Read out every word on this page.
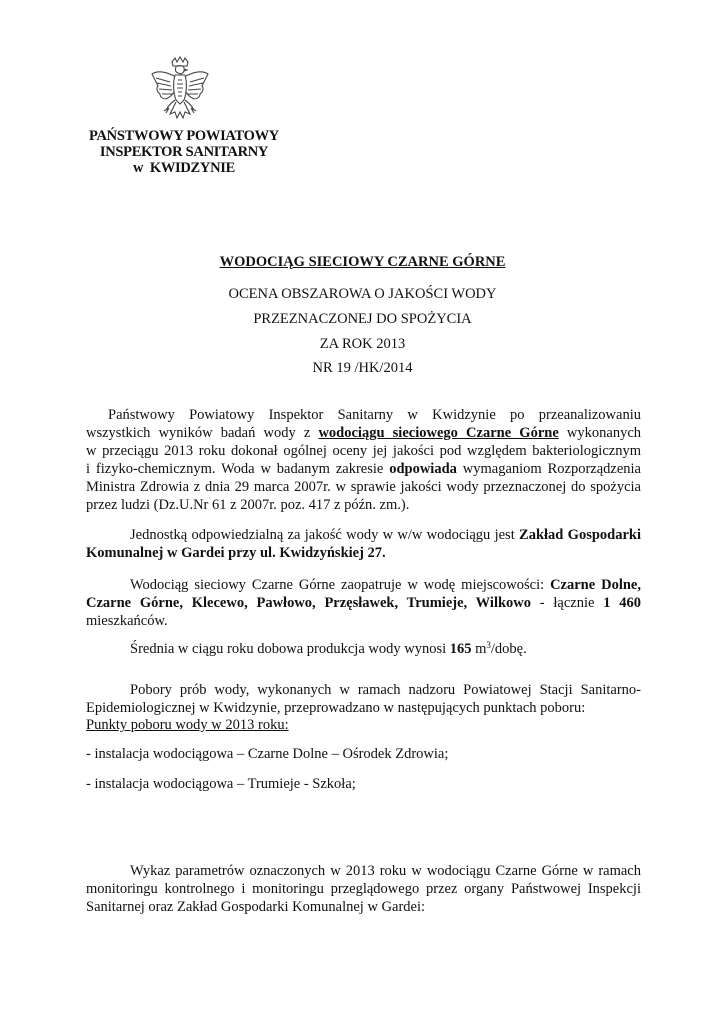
PAŃSTWOWY POWIATOWY
INSPEKTOR SANITARNY
w  KWIDZYNIE
WODOCIĄG SIECIOWY CZARNE GÓRNE
OCENA OBSZAROWA O JAKOŚCI WODY
PRZEZNACZONEJ DO SPOŻYCIA
ZA ROK 2013
NR 19 /HK/2014
Państwowy Powiatowy Inspektor Sanitarny w Kwidzynie po przeanalizowaniu
wszystkich wyników badań wody z wodociągu sieciowego Czarne Górne wykonanych
w przeciągu 2013 roku dokonał ogólnej oceny jej jakości pod względem bakteriologicznym
i fizyko-chemicznym. Woda w badanym zakresie odpowiada wymaganiom Rozporządzenia
Ministra Zdrowia z dnia 29 marca 2007r. w sprawie jakości wody przeznaczonej do spożycia
przez ludzi (Dz.U.Nr 61 z 2007r. poz. 417 z późn. zm.).
Jednostką odpowiedzialną za jakość wody w w/w wodociągu jest Zakład Gospodarki
Komunalnej w Gardei przy ul. Kwidzyńskiej 27.
Wodociąg sieciowy Czarne Górne zaopatruje w wodę miejscowości: Czarne Dolne,
Czarne Górne, Klecewo, Pawłowo, Przęsławek, Trumieje, Wilkowo - łącznie 1 460
mieszkańców.
Średnia w ciągu roku dobowa produkcja wody wynosi 165 $m^3$/dobę.
Pobory prób wody, wykonanych w ramach nadzoru Powiatowej Stacji Sanitarno-
Epidemiologicznej w Kwidzynie, przeprowadzano w następujących punktach poboru:
Punkty poboru wody w 2013 roku:
- instalacja wodociągowa – Czarne Dolne – Ośrodek Zdrowia;
- instalacja wodociągowa – Trumieje - Szkoła;
Wykaz parametrów oznaczonych w 2013 roku w wodociągu Czarne Górne w ramach
monitoringu kontrolnego i monitoringu przeglądowego przez organy Państwowej Inspekcji
Sanitarnej oraz Zakład Gospodarki Komunalnej w Gardei:
